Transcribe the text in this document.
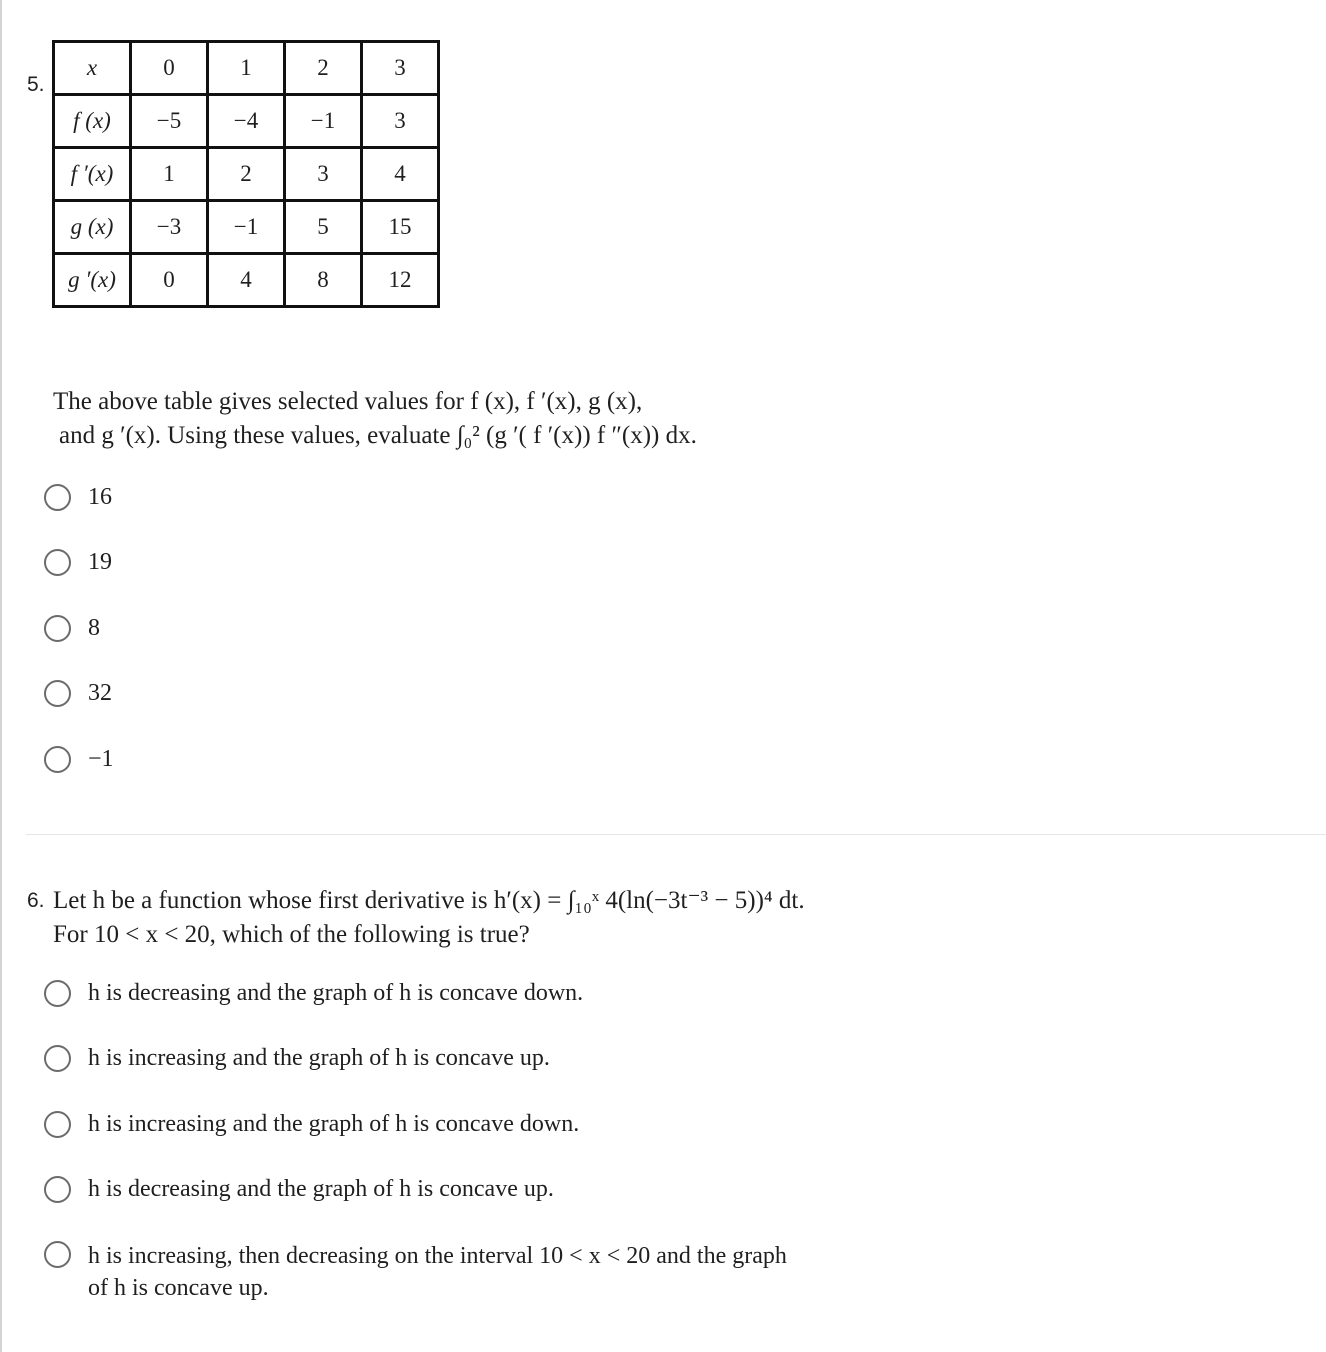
5.
x	0	1	2	3
f (x)	−5	−4	−1	3
f ′(x)	1	2	3	4
g (x)	−3	−1	5	15
g ′(x)	0	4	8	12
The above table gives selected values for f (x), f ′(x), g (x),
and g ′(x). Using these values, evaluate ∫₀² (g ′( f ′(x)) f ″(x)) dx.
16
19
8
32
−1
6. Let h be a function whose first derivative is h′(x) = ∫₁₀ˣ 4(ln(−3t⁻³ − 5))⁴ dt.
For 10 < x < 20, which of the following is true?
h is decreasing and the graph of h is concave down.
h is increasing and the graph of h is concave up.
h is increasing and the graph of h is concave down.
h is decreasing and the graph of h is concave up.
h is increasing, then decreasing on the interval 10 < x < 20 and the graph of h is concave up.
